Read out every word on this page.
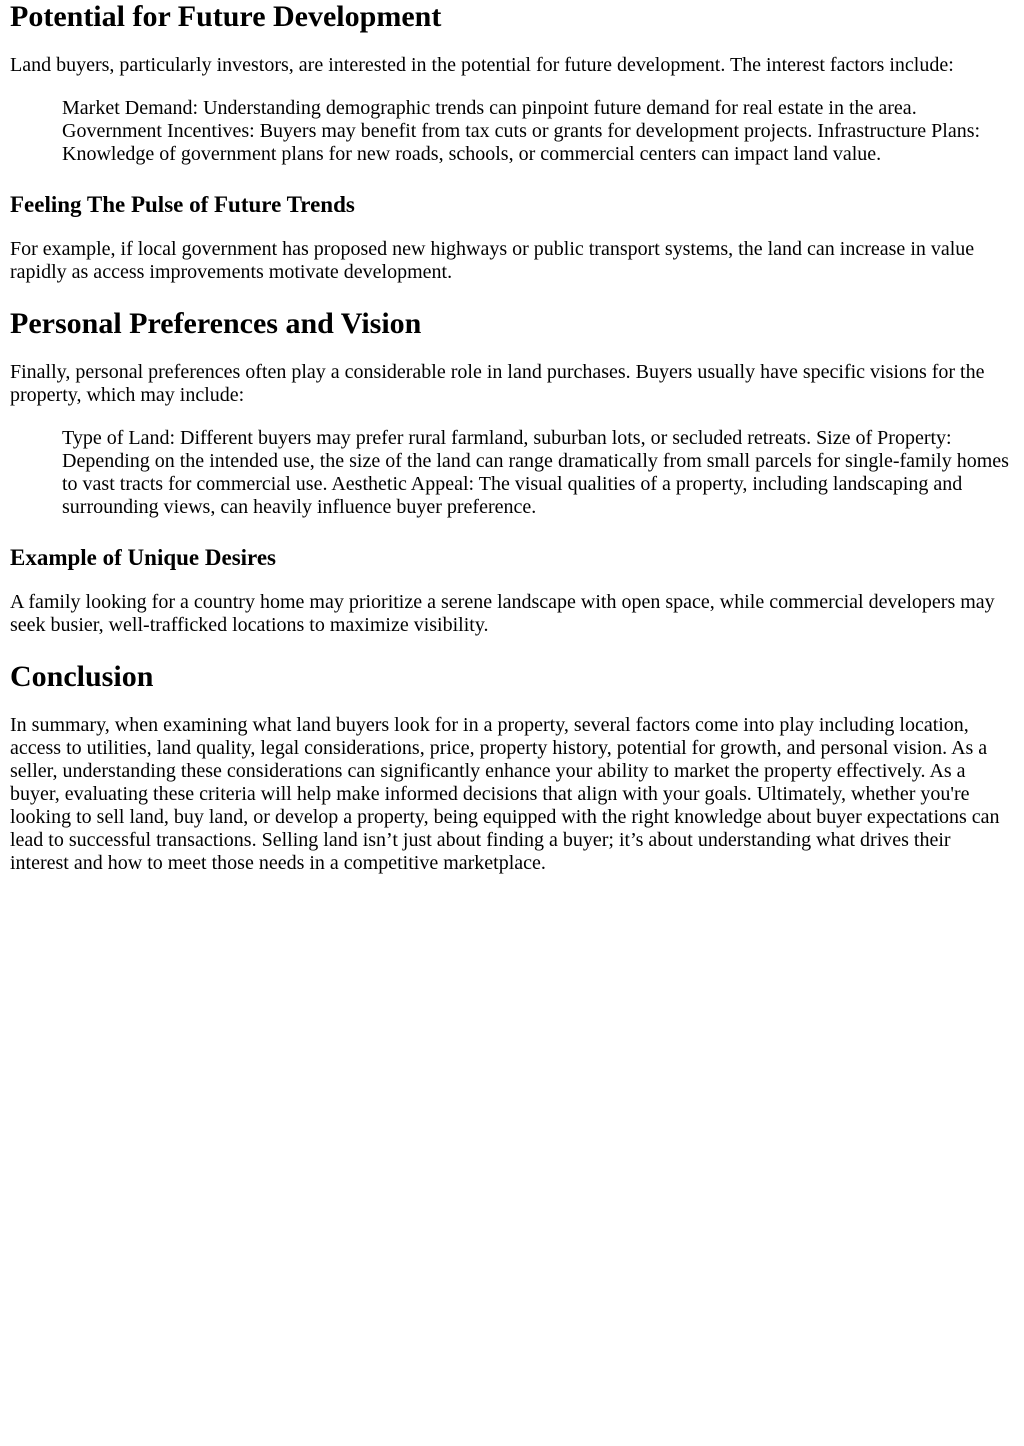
Potential for Future Development

Land buyers, particularly investors, are interested in the potential for future development. The interest factors include:

Market Demand: Understanding demographic trends can pinpoint future demand for real estate in the area. Government Incentives: Buyers may benefit from tax cuts or grants for development projects. Infrastructure Plans: Knowledge of government plans for new roads, schools, or commercial centers can impact land value.
Feeling The Pulse of Future Trends

For example, if local government has proposed new highways or public transport systems, the land can increase in value rapidly as access improvements motivate development.

Personal Preferences and Vision

Finally, personal preferences often play a considerable role in land purchases. Buyers usually have specific visions for the property, which may include:

Type of Land: Different buyers may prefer rural farmland, suburban lots, or secluded retreats. Size of Property: Depending on the intended use, the size of the land can range dramatically from small parcels for single-family homes to vast tracts for commercial use. Aesthetic Appeal: The visual qualities of a property, including landscaping and surrounding views, can heavily influence buyer preference.
Example of Unique Desires

A family looking for a country home may prioritize a serene landscape with open space, while commercial developers may seek busier, well-trafficked locations to maximize visibility.

Conclusion

In summary, when examining what land buyers look for in a property, several factors come into play including location, access to utilities, land quality, legal considerations, price, property history, potential for growth, and personal vision. As a seller, understanding these considerations can significantly enhance your ability to market the property effectively. As a buyer, evaluating these criteria will help make informed decisions that align with your goals. Ultimately, whether you're looking to sell land, buy land, or develop a property, being equipped with the right knowledge about buyer expectations can lead to successful transactions. Selling land isn’t just about finding a buyer; it’s about understanding what drives their interest and how to meet those needs in a competitive marketplace.
